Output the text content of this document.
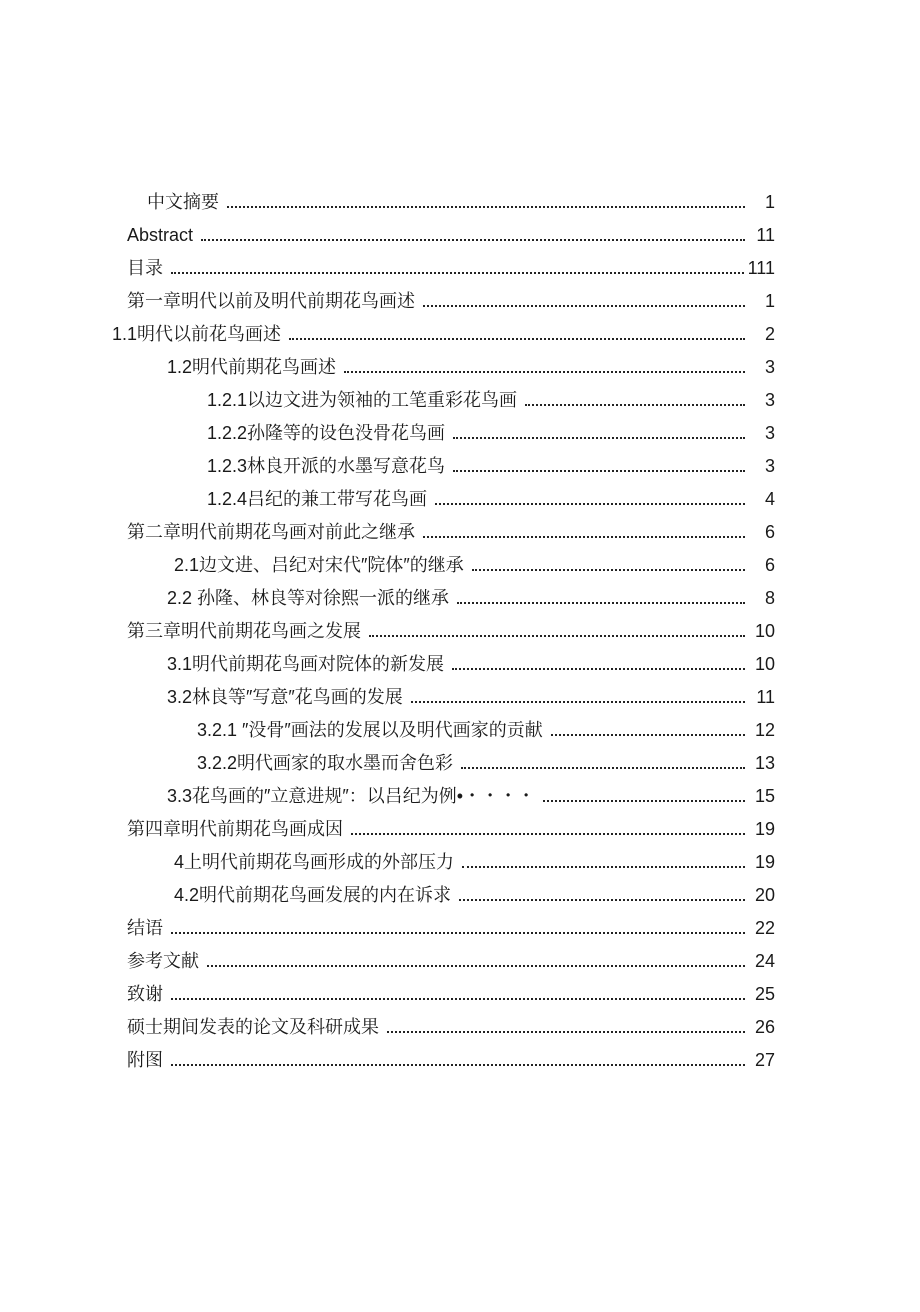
中文摘要	1
Abstract	11
目录	111
第一章明代以前及明代前期花鸟画述	1
1.1明代以前花鸟画述	2
1.2明代前期花鸟画述	3
1.2.1以边文进为领袖的工笔重彩花鸟画	3
1.2.2孙隆等的设色没骨花鸟画	3
1.2.3林良开派的水墨写意花鸟	3
1.2.4吕纪的兼工带写花鸟画	4
第二章明代前期花鸟画对前此之继承	6
2.1边文进、吕纪对宋代″院体″的继承	6
2.2 孙隆、林良等对徐熙一派的继承	8
第三章明代前期花鸟画之发展	10
3.1明代前期花鸟画对院体的新发展	10
3.2林良等″写意″花鸟画的发展	11
3.2.1 ″没骨″画法的发展以及明代画家的贡献	12
3.2.2明代画家的取水墨而舍色彩	13
3.3花鸟画的″立意进规″：以吕纪为例•・・・・	15
第四章明代前期花鸟画成因	19
4上明代前期花鸟画形成的外部压力	19
4.2明代前期花鸟画发展的内在诉求	20
结语	22
参考文献	24
致谢	25
硕士期间发表的论文及科研成果	26
附图	27
